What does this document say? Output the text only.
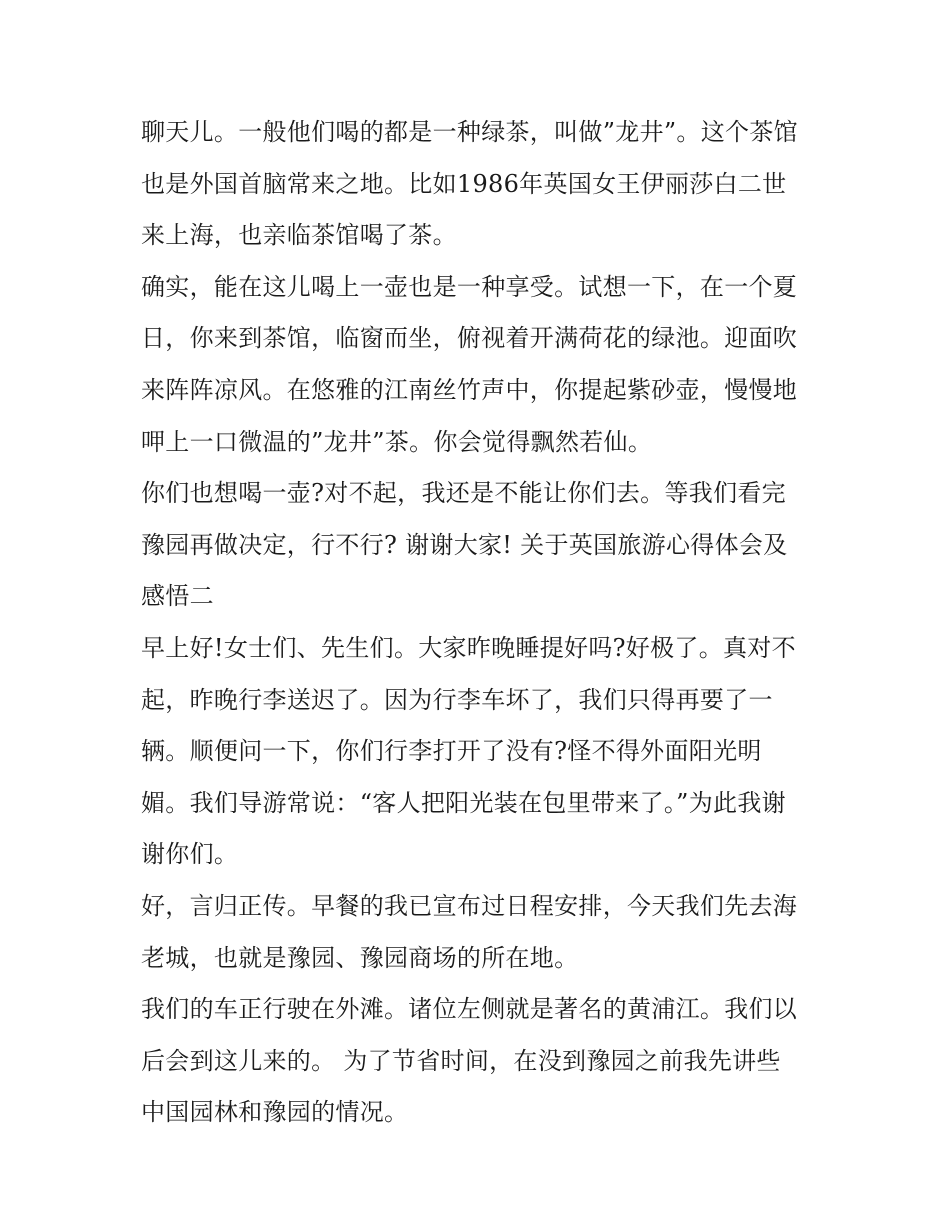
聊天儿。一般他们喝的都是一种绿茶，叫做”龙井”。这个茶馆
也是外国首脑常来之地。比如1986年英国女王伊丽莎白二世
来上海，也亲临茶馆喝了茶。
确实，能在这儿喝上一壶也是一种享受。试想一下，在一个夏
日，你来到茶馆，临窗而坐，俯视着开满荷花的绿池。迎面吹
来阵阵凉风。在悠雅的江南丝竹声中，你提起紫砂壶，慢慢地
呷上一口微温的”龙井”茶。你会觉得飘然若仙。
你们也想喝一壶?对不起，我还是不能让你们去。等我们看完
豫园再做决定，行不行? 谢谢大家! 关于英国旅游心得体会及
感悟二
早上好!女士们、先生们。大家昨晚睡提好吗?好极了。真对不
起，昨晚行李送迟了。因为行李车坏了，我们只得再要了一
辆。顺便问一下，你们行李打开了没有?怪不得外面阳光明
媚。我们导游常说：“客人把阳光装在包里带来了。”为此我谢
谢你们。
好，言归正传。早餐的我已宣布过日程安排，今天我们先去海
老城，也就是豫园、豫园商场的所在地。
我们的车正行驶在外滩。诸位左侧就是著名的黄浦江。我们以
后会到这儿来的。 为了节省时间，在没到豫园之前我先讲些
中国园林和豫园的情况。
